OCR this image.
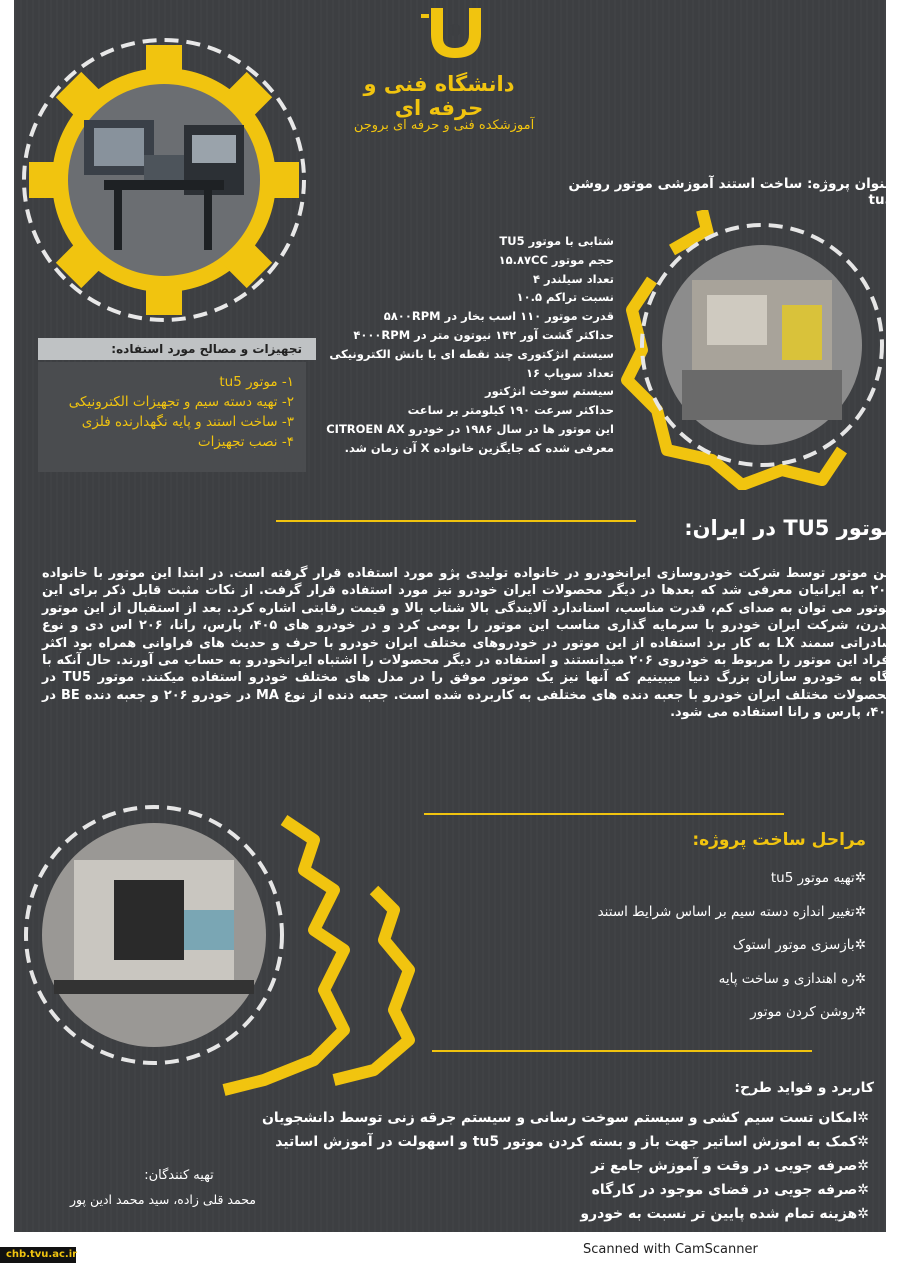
دانشگاه فنی و حرفه ای
آموزشکده فنی و حرفه ای بروجن
عنوان پروژه: ساخت استند آموزشی موتور روشن tu5
شتابی با موتور TU5
حجم موتور ۱۵.۸۷CC
تعداد سیلندر ۴
نسبت تراکم ۱۰.۵
قدرت موتور ۱۱۰ اسب بخار در ۵۸۰۰RPM
حداکثر گشت آور ۱۴۲ نیوتون متر در ۴۰۰۰RPM
سیستم انژکتوری چند نقطه ای با بانش الکترونیکی
تعداد سوپاپ ۱۶
سیستم سوخت انژکتور
حداکثر سرعت ۱۹۰ کیلومتر بر ساعت
این موتور ها در سال ۱۹۸۶ در خودرو CITROEN AX
معرفی شده که جایگزین خانواده X آن زمان شد.
تجهیزات و مصالح مورد استفاده:
۱- موتور tu5
۲- تهیه دسته سیم و تجهیزات الکترونیکی
۳- ساخت استند و پایه نگهدارنده فلزی
۴- نصب تجهیزات
موتور TU5 در ایران:
این موتور توسط شرکت خودروسازی ایرانخودرو در خانواده تولیدی پژو مورد استفاده قرار گرفته است. در ابتدا این موتور با خانواده ۲۰۶ به ایرانیان معرفی شد که بعدها در دیگر محصولات ایران خودرو نیز مورد استفاده قرار گرفت. از نکات مثبت قابل ذکر برای این موتور می توان به صدای کم، قدرت مناسب، استاندارد آلایندگی بالا شتاب بالا و قیمت رقابتی اشاره کرد. بعد از استقبال از این موتور مدرن، شرکت ایران خودرو با سرمایه گذاری مناسب این موتور را بومی کرد و در خودرو های ۴۰۵، پارس، رانا، ۲۰۶ اس دی و نوع صادراتی سمند LX به کار برد استفاده از این موتور در خودروهای مختلف ایران خودرو با حرف و حدیث های فراوانی همراه بود اکثر افراد این موتور را مربوط به خودروی ۲۰۶ میدانستند و استفاده در دیگر محصولات را اشتباه ایرانخودرو به حساب می آورند. حال آنکه با نگاه به خودرو سازان بزرگ دنیا میبینیم که آنها نیز یک موتور موفق را در مدل های مختلف خودرو استفاده میکنند. موتور TU5 در محصولات مختلف ایران خودرو با جعبه دنده های مختلفی به کاربرده شده است. جعبه دنده از نوع MA در خودرو ۲۰۶ و جعبه دنده BE در ۴۰۵، پارس و رانا استفاده می شود.
مراحل ساخت پروژه:
✲تهیه موتور tu5
✲تغییر اندازه دسته سیم بر اساس شرایط استند
✲بازسزی موتور استوک
✲ره اهندازی و ساخت پایه
✲روشن کردن موتور
کاربرد و فواید طرح:
✲امکان تست سیم کشی و سیستم سوخت رسانی و سیستم جرقه زنی توسط دانشجویان
✲کمک به اموزش اساتیر جهت باز و بسته کردن موتور tu5 و اسهولت در آموزش اساتید
✲صرفه جویی در وقت و آموزش جامع تر
✲صرفه جویی در فضای موجود در کارگاه
✲هزینه تمام شده پایین تر نسبت به خودرو
تهیه کنندگان:
محمد قلی زاده، سید محمد ادین پور
chb.tvu.ac.ir	Scanned with CamScanner
